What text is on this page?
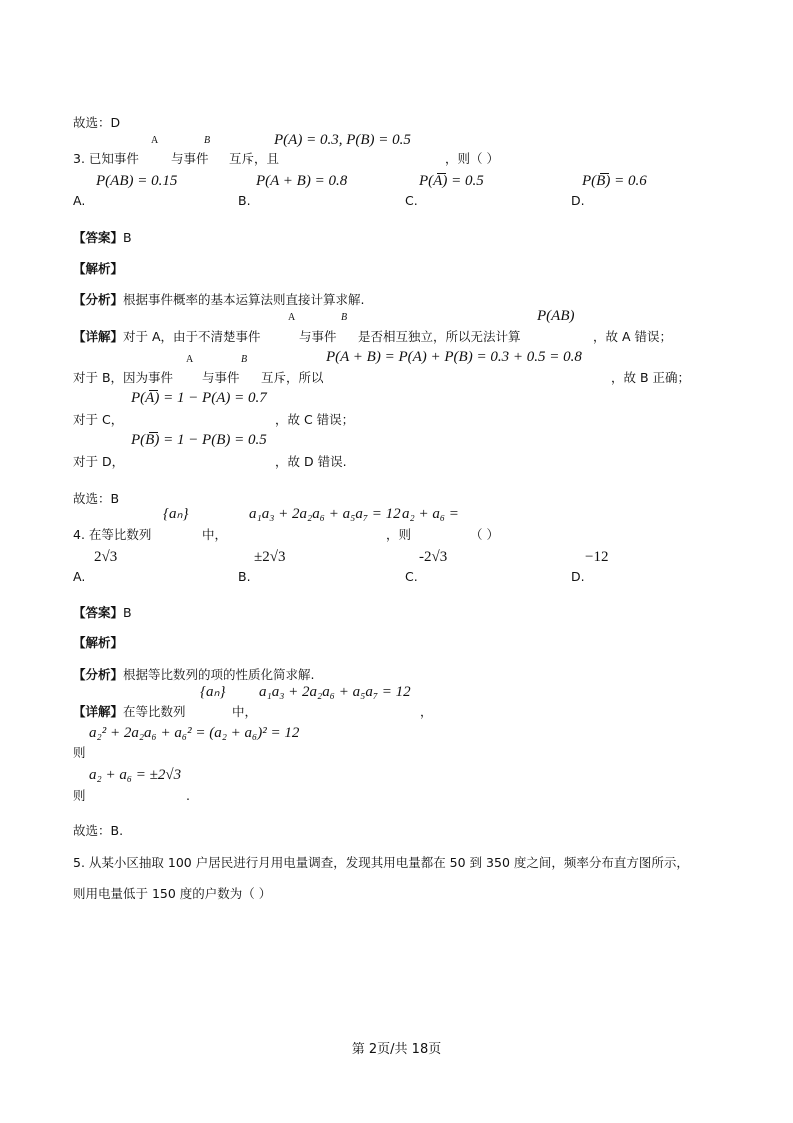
故选：D
A	B	P(A) = 0.3, P(B) = 0.5
3. 已知事件	与事件 互斥，且	，则（ ）
P(AB) = 0.15	P(A + B) = 0.8	P(A) = 0.5	P(B) = 0.6
A.	B.	C.	D.
【答案】B
【解析】
【分析】根据事件概率的基本运算法则直接计算求解.
A	B	P(AB)
【详解】对于 A，由于不清楚事件	与事件 是否相互独立，所以无法计算	，故 A 错误；
A	B	P(A + B) = P(A) + P(B) = 0.3 + 0.5 = 0.8
对于 B，因为事件 与事件 互斥，所以	，故 B 正确；
P(A) = 1 − P(A) = 0.7
对于 C，	，故 C 错误；
P(B) = 1 − P(B) = 0.5
对于 D，	，故 D 错误.
故选：B
{aₙ}	a₁a₃ + 2a₂a₆ + a₅a₇ = 12 a₂ + a₆ =
4. 在等比数列	中，	，则	（ ）
2√3	±2√3	-2√3	−12
A.	B.	C.	D.
【答案】B
【解析】
【分析】根据等比数列的项的性质化简求解.
{aₙ} a₁a₃ + 2a₂a₆ + a₅a₇ = 12
【详解】在等比数列	中，	，
a₂² + 2a₂a₆ + a₆² = (a₂ + a₆)² = 12
则
a₂ + a₆ = ±2√3
则	.
故选：B.
5. 从某小区抽取 100 户居民进行月用电量调查，发现其用电量都在 50 到 350 度之间，频率分布直方图所示，
则用电量低于 150 度的户数为（ ）
第 2页/共 18页
